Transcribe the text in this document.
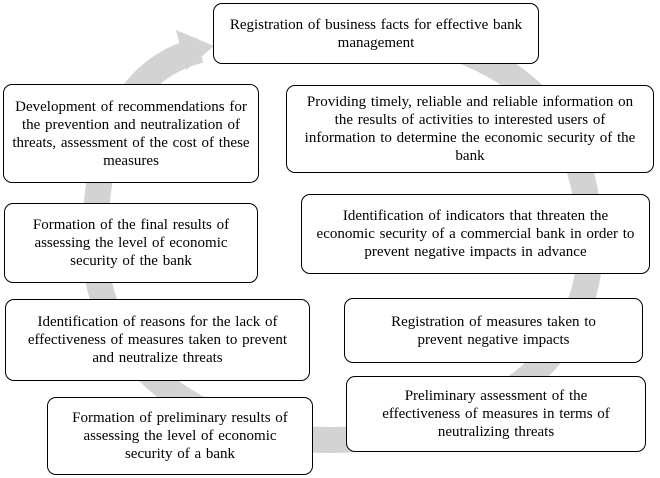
Registration of business facts for effective bank management
Providing timely, reliable and reliable information on the results of activities to interested users of information to determine the economic security of the bank
Identification of indicators that threaten the economic security of a commercial bank in order to prevent negative impacts in advance
Registration of measures taken to prevent negative impacts
Preliminary assessment of the effectiveness of measures in terms of neutralizing threats
Formation of preliminary results of assessing the level of economic security of a bank
Identification of reasons for the lack of effectiveness of measures taken to prevent and neutralize threats
Formation of the final results of assessing the level of economic security of the bank
Development of recommendations for the prevention and neutralization of threats, assessment of the cost of these measures
